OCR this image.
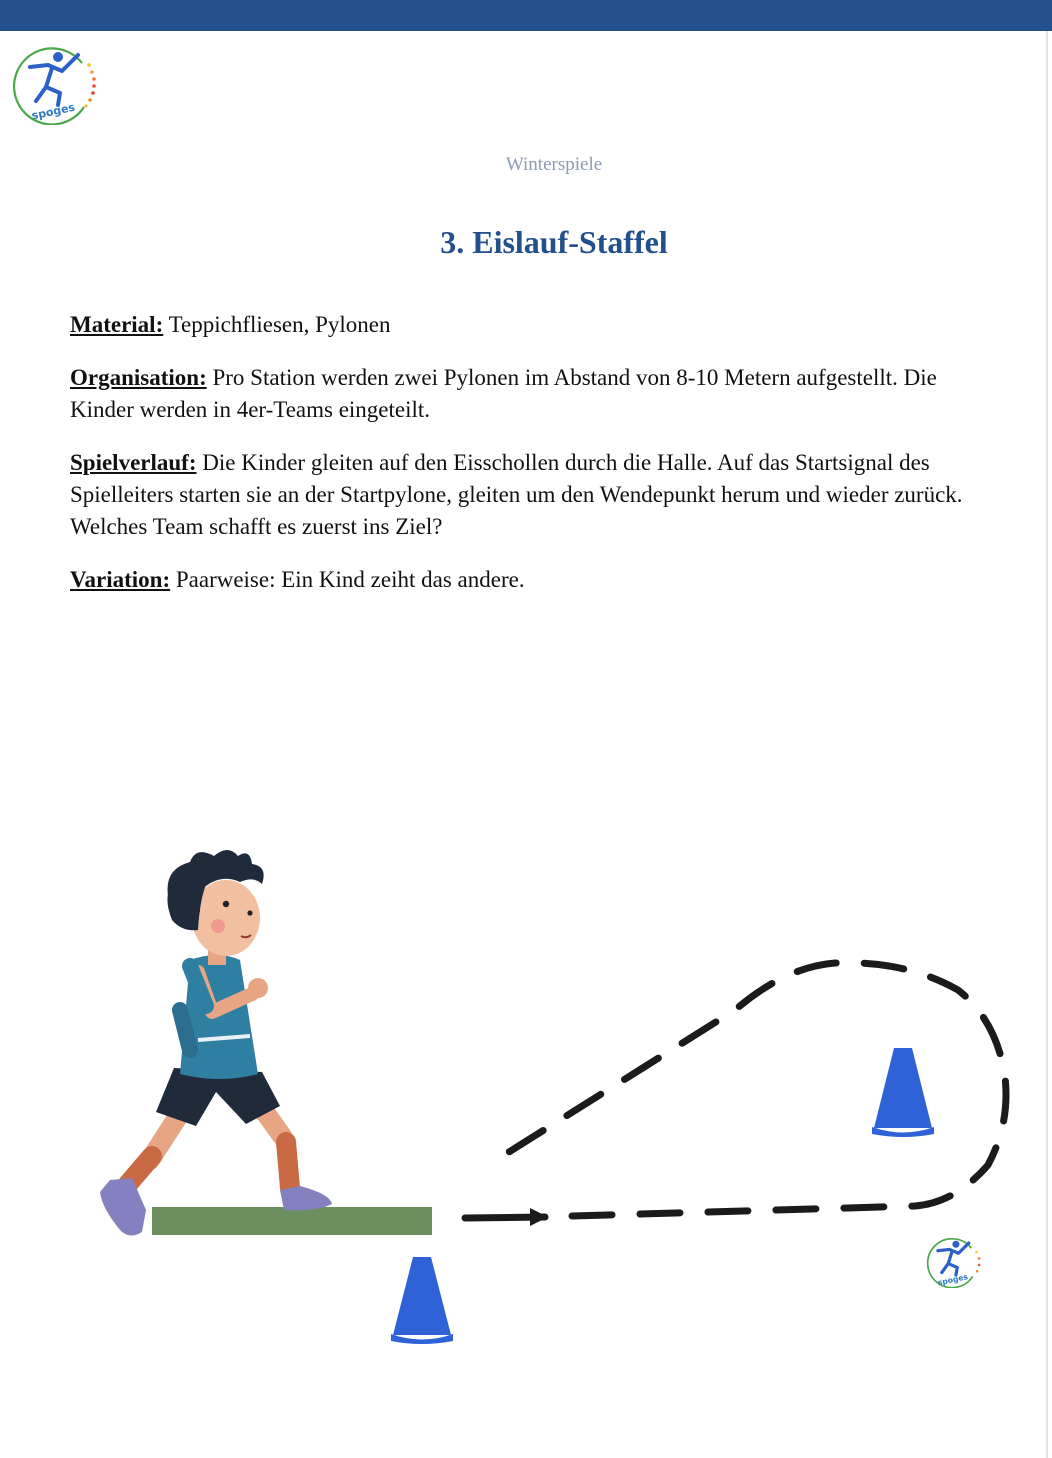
spoges
Winterspiele
3. Eislauf-Staffel

Material: Teppichfliesen, Pylonen

Organisation: Pro Station werden zwei Pylonen im Abstand von 8-10 Metern aufgestellt. Die Kinder werden in 4er-Teams eingeteilt.

Spielverlauf: Die Kinder gleiten auf den Eisschollen durch die Halle. Auf das Startsignal des Spielleiters starten sie an der Startpylone, gleiten um den Wendepunkt herum und wieder zurück. Welches Team schafft es zuerst ins Ziel?

Variation: Paarweise: Ein Kind zeiht das andere.

spoges
